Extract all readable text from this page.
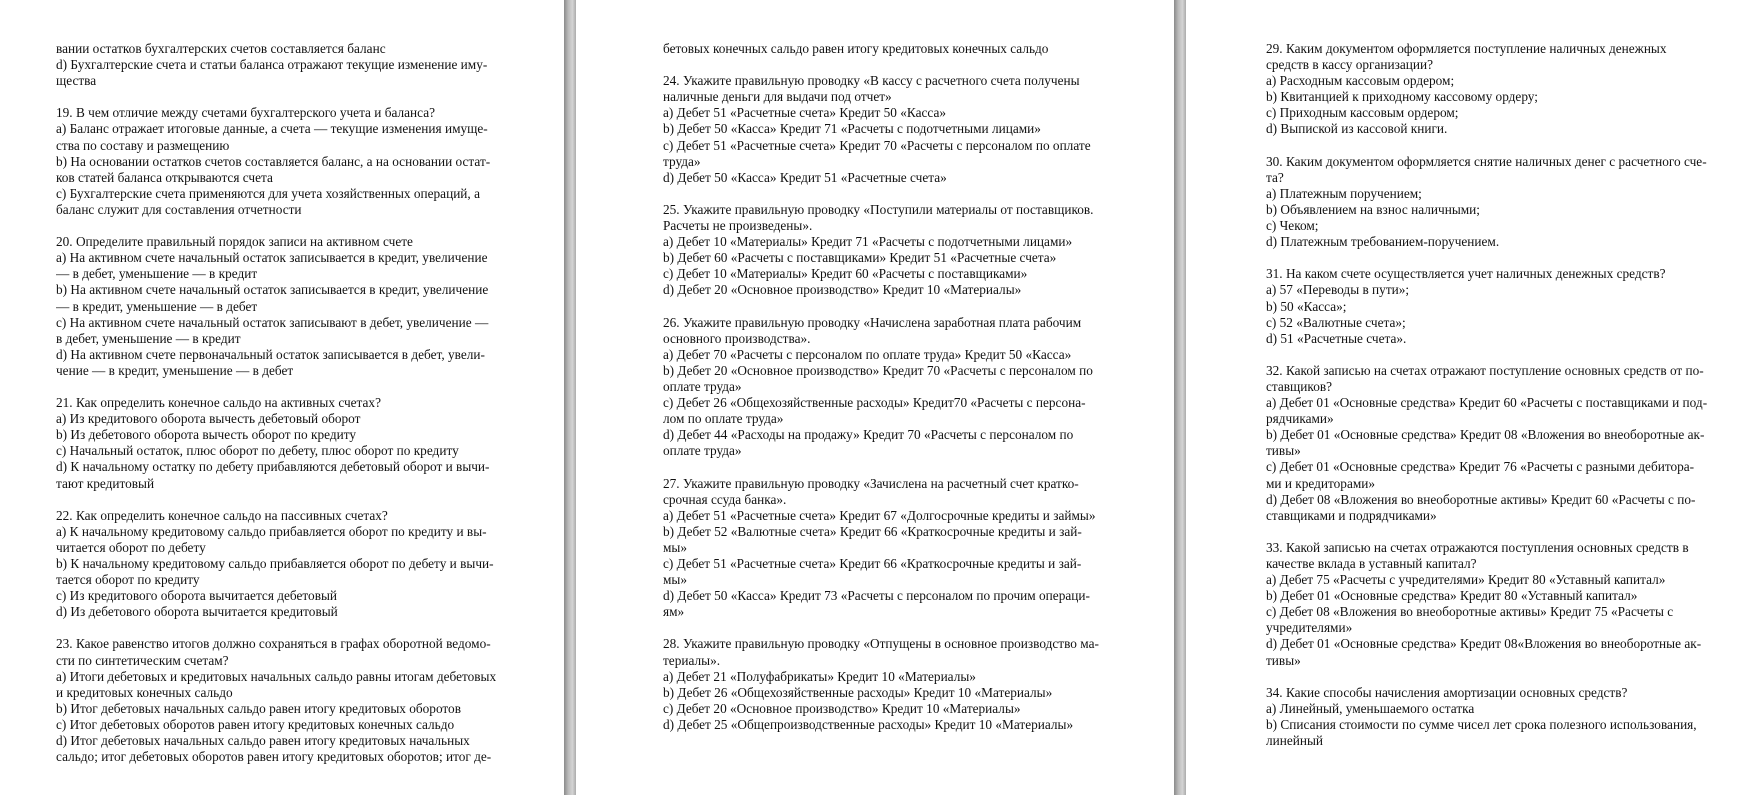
вании остатков бухгалтерских счетов составляется баланс
d) Бухгалтерские счета и статьи баланса отражают текущие изменение иму-
щества
19. В чем отличие между счетами бухгалтерского учета и баланса?
a) Баланс отражает итоговые данные, а счета — текущие изменения имуще-
ства по составу и размещению
b) На основании остатков счетов составляется баланс, а на основании остат-
ков статей баланса открываются счета
c) Бухгалтерские счета применяются для учета хозяйственных операций, а
баланс служит для составления отчетности
20. Определите правильный порядок записи на активном счете
a) На активном счете начальный остаток записывается в кредит, увеличение
— в дебет, уменьшение — в кредит
b) На активном счете начальный остаток записывается в кредит, увеличение
— в кредит, уменьшение — в дебет
c) На активном счете начальный остаток записывают в дебет, увеличение —
в дебет, уменьшение — в кредит
d) На активном счете первоначальный остаток записывается в дебет, увели-
чение — в кредит, уменьшение — в дебет
21. Как определить конечное сальдо на активных счетах?
a) Из кредитового оборота вычесть дебетовый оборот
b) Из дебетового оборота вычесть оборот по кредиту
c) Начальный остаток, плюс оборот по дебету, плюс оборот по кредиту
d) К начальному остатку по дебету прибавляются дебетовый оборот и вычи-
тают кредитовый
22. Как определить конечное сальдо на пассивных счетах?
a) К начальному кредитовому сальдо прибавляется оборот по кредиту и вы-
читается оборот по дебету
b) К начальному кредитовому сальдо прибавляется оборот по дебету и вычи-
тается оборот по кредиту
c) Из кредитового оборота вычитается дебетовый
d) Из дебетового оборота вычитается кредитовый
23. Какое равенство итогов должно сохраняться в графах оборотной ведомо-
сти по синтетическим счетам?
a) Итоги дебетовых и кредитовых начальных сальдо равны итогам дебетовых
и кредитовых конечных сальдо
b) Итог дебетовых начальных сальдо равен итогу кредитовых оборотов
c) Итог дебетовых оборотов равен итогу кредитовых конечных сальдо
d) Итог дебетовых начальных сальдо равен итогу кредитовых начальных
сальдо; итог дебетовых оборотов равен итогу кредитовых оборотов; итог де-
бетовых конечных сальдо равен итогу кредитовых конечных сальдо
24. Укажите правильную проводку «В кассу с расчетного счета получены
наличные деньги для выдачи под отчет»
a) Дебет 51 «Расчетные счета» Кредит 50 «Касса»
b) Дебет 50 «Касса» Кредит 71 «Расчеты с подотчетными лицами»
c) Дебет 51 «Расчетные счета» Кредит 70 «Расчеты с персоналом по оплате
труда»
d) Дебет 50 «Касса» Кредит 51 «Расчетные счета»
25. Укажите правильную проводку «Поступили материалы от поставщиков.
Расчеты не произведены».
a) Дебет 10 «Материалы» Кредит 71 «Расчеты с подотчетными лицами»
b) Дебет 60 «Расчеты с поставщиками» Кредит 51 «Расчетные счета»
c) Дебет 10 «Материалы» Кредит 60 «Расчеты с поставщиками»
d) Дебет 20 «Основное производство» Кредит 10 «Материалы»
26. Укажите правильную проводку «Начислена заработная плата рабочим
основного производства».
a) Дебет 70 «Расчеты с персоналом по оплате труда» Кредит 50 «Касса»
b) Дебет 20 «Основное производство» Кредит 70 «Расчеты с персоналом по
оплате труда»
c) Дебет 26 «Общехозяйственные расходы» Кредит70 «Расчеты с персона-
лом по оплате труда»
d) Дебет 44 «Расходы на продажу» Кредит 70 «Расчеты с персоналом по
оплате труда»
27. Укажите правильную проводку «Зачислена на расчетный счет кратко-
срочная ссуда банка».
a) Дебет 51 «Расчетные счета» Кредит 67 «Долгосрочные кредиты и займы»
b) Дебет 52 «Валютные счета» Кредит 66 «Краткосрочные кредиты и зай-
мы»
c) Дебет 51 «Расчетные счета» Кредит 66 «Краткосрочные кредиты и зай-
мы»
d) Дебет 50 «Касса» Кредит 73 «Расчеты с персоналом по прочим операци-
ям»
28. Укажите правильную проводку «Отпущены в основное производство ма-
териалы».
a) Дебет 21 «Полуфабрикаты» Кредит 10 «Материалы»
b) Дебет 26 «Общехозяйственные расходы» Кредит 10 «Материалы»
c) Дебет 20 «Основное производство» Кредит 10 «Материалы»
d) Дебет 25 «Общепроизводственные расходы» Кредит 10 «Материалы»
29. Каким документом оформляется поступление наличных денежных
средств в кассу организации?
a) Расходным кассовым ордером;
b) Квитанцией к приходному кассовому ордеру;
c) Приходным кассовым ордером;
d) Выпиской из кассовой книги.
30. Каким документом оформляется снятие наличных денег с расчетного сче-
та?
a) Платежным поручением;
b) Объявлением на взнос наличными;
c) Чеком;
d) Платежным требованием-поручением.
31. На каком счете осуществляется учет наличных денежных средств?
a) 57 «Переводы в пути»;
b) 50 «Касса»;
c) 52 «Валютные счета»;
d) 51 «Расчетные счета».
32. Какой записью на счетах отражают поступление основных средств от по-
ставщиков?
a) Дебет 01 «Основные средства» Кредит 60 «Расчеты с поставщиками и под-
рядчиками»
b) Дебет 01 «Основные средства» Кредит 08 «Вложения во внеоборотные ак-
тивы»
c) Дебет 01 «Основные средства» Кредит 76 «Расчеты с разными дебитора-
ми и кредиторами»
d) Дебет 08 «Вложения во внеоборотные активы» Кредит 60 «Расчеты с по-
ставщиками и подрядчиками»
33. Какой записью на счетах отражаются поступления основных средств в
качестве вклада в уставный капитал?
a) Дебет 75 «Расчеты с учредителями» Кредит 80 «Уставный капитал»
b) Дебет 01 «Основные средства» Кредит 80 «Уставный капитал»
c) Дебет 08 «Вложения во внеоборотные активы» Кредит 75 «Расчеты с
учредителями»
d) Дебет 01 «Основные средства» Кредит 08«Вложения во внеоборотные ак-
тивы»
34. Какие способы начисления амортизации основных средств?
a) Линейный, уменьшаемого остатка
b) Списания стоимости по сумме чисел лет срока полезного использования,
линейный
